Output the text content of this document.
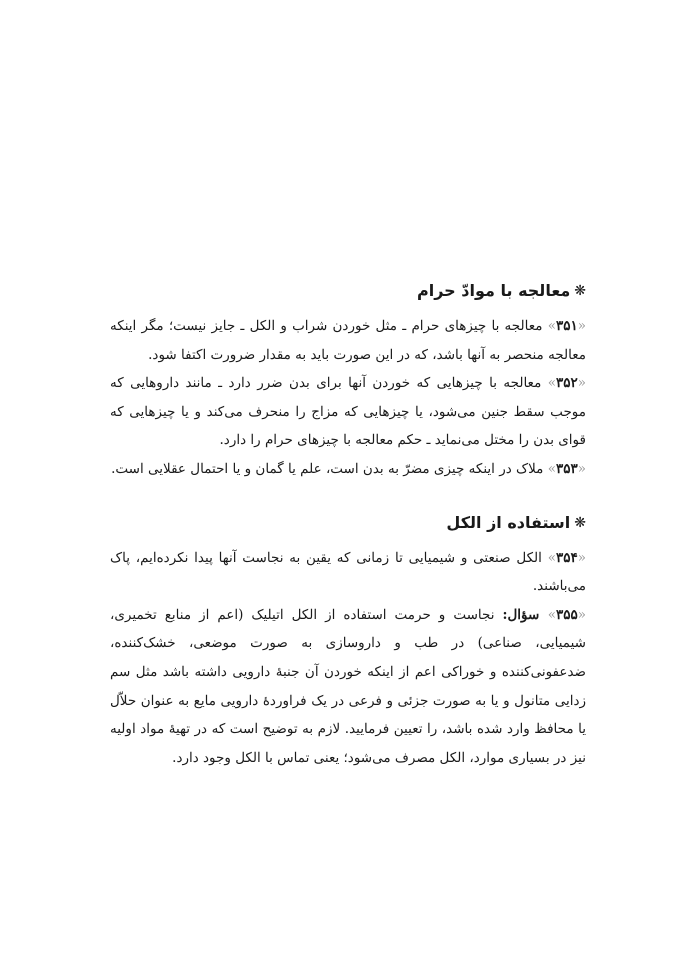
❋
معالجه با موادّ حرام

«۳۵۱» معالجه با چیزهای حرام ـ مثل خوردن شراب و الکل ـ جایز نیست؛ مگر اینکه معالجه منحصر به آنها باشد، که در این صورت باید به مقدار ضرورت اکتفا شود.

«۳۵۲» معالجه با چیزهایی که خوردن آنها برای بدن ضرر دارد ـ مانند داروهایی که موجب سقط جنین می‌شود، یا چیزهایی که مزاج را منحرف می‌کند و یا چیزهایی که قوای بدن را مختل می‌نماید ـ حکم معالجه با چیزهای حرام را دارد.

«۳۵۳» ملاک در اینکه چیزی مضرّ به بدن است، علم یا گمان و یا احتمال عقلایی است.

❋
استفاده از الکل

«۳۵۴» الکل صنعتی و شیمیایی تا زمانی که یقین به نجاست آنها پیدا نکرده‌ایم، پاک می‌باشند.

«۳۵۵» سؤال: نجاست و حرمت استفاده از الکل اتیلیک (اعم از منابع تخمیری، شیمیایی، صناعی) در طب و داروسازی به صورت موضعی، خشک‌کننده، ضدعفونی‌کننده و خوراکی اعم از اینکه خوردن آن جنبهٔ دارویی داشته باشد مثل سم زدایی متانول و یا به صورت جزئی و فرعی در یک فراوردهٔ دارویی مایع به عنوان حلاّل یا محافظ وارد شده باشد، را تعیین فرمایید. لازم به توضیح است که در تهیهٔ مواد اولیه نیز در بسیاری موارد، الکل مصرف می‌شود؛ یعنی تماس با الکل وجود دارد.
